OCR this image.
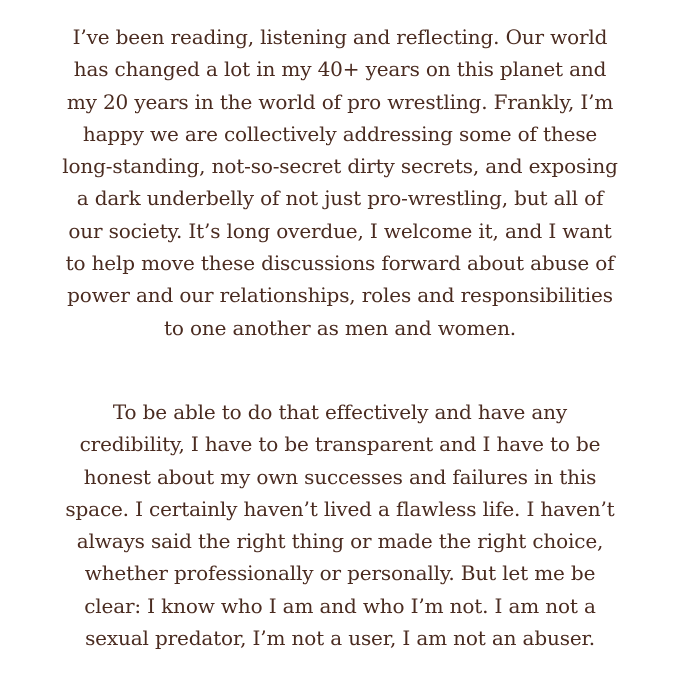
I’ve been reading, listening and reflecting. Our world
has changed a lot in my 40+ years on this planet and
my 20 years in the world of pro wrestling. Frankly, I’m
happy we are collectively addressing some of these
long-standing, not-so-secret dirty secrets, and exposing
a dark underbelly of not just pro-wrestling, but all of
our society. It’s long overdue, I welcome it, and I want
to help move these discussions forward about abuse of
power and our relationships, roles and responsibilities
to one another as men and women.

To be able to do that effectively and have any
credibility, I have to be transparent and I have to be
honest about my own successes and failures in this
space. I certainly haven’t lived a flawless life. I haven’t
always said the right thing or made the right choice,
whether professionally or personally. But let me be
clear: I know who I am and who I’m not. I am not a
sexual predator, I’m not a user, I am not an abuser.
